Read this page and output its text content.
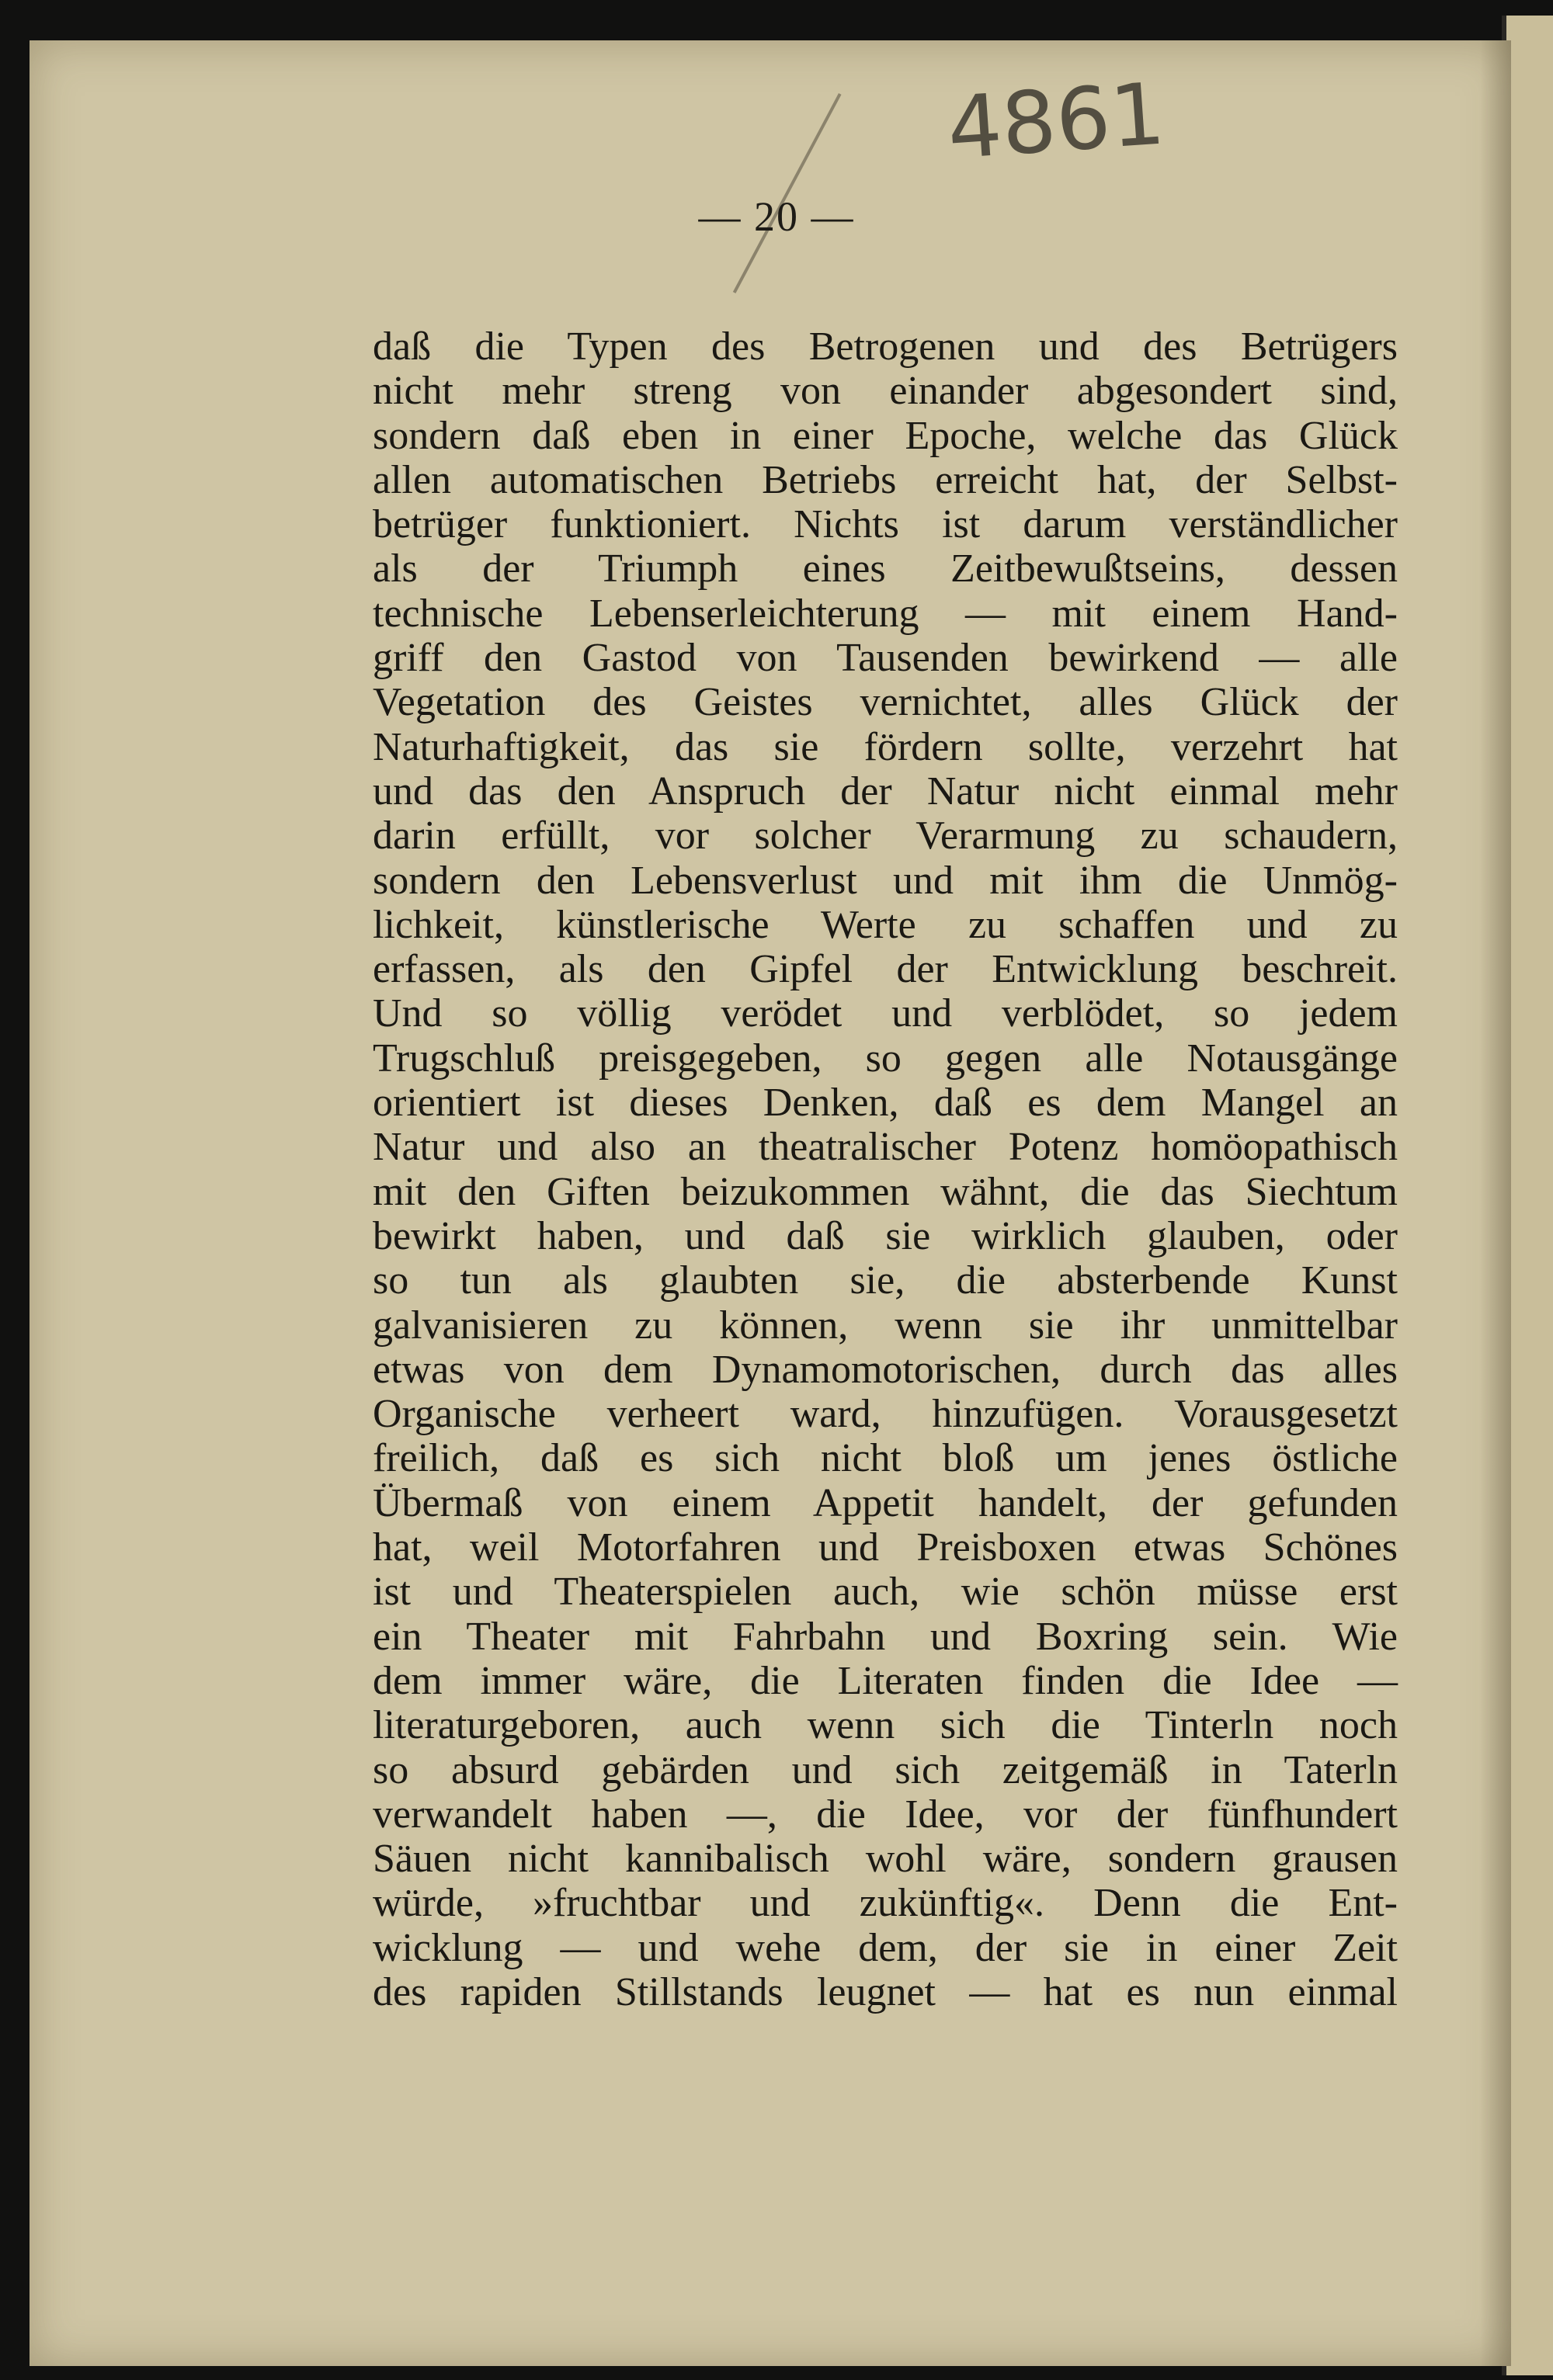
4861
— 20 —
daß die Typen des Betrogenen und des Betrügers
nicht mehr streng von einander abgesondert sind,
sondern daß eben in einer Epoche, welche das Glück
allen automatischen Betriebs erreicht hat, der Selbst-
betrüger funktioniert. Nichts ist darum verständlicher
als der Triumph eines Zeitbewußtseins, dessen
technische Lebenserleichterung — mit einem Hand-
griff den Gastod von Tausenden bewirkend — alle
Vegetation des Geistes vernichtet, alles Glück der
Naturhaftigkeit, das sie fördern sollte, verzehrt hat
und das den Anspruch der Natur nicht einmal mehr
darin erfüllt, vor solcher Verarmung zu schaudern,
sondern den Lebensverlust und mit ihm die Unmög-
lichkeit, künstlerische Werte zu schaffen und zu
erfassen, als den Gipfel der Entwicklung beschreit.
Und so völlig verödet und verblödet, so jedem
Trugschluß preisgegeben, so gegen alle Notausgänge
orientiert ist dieses Denken, daß es dem Mangel an
Natur und also an theatralischer Potenz homöopathisch
mit den Giften beizukommen wähnt, die das Siechtum
bewirkt haben, und daß sie wirklich glauben, oder
so tun als glaubten sie, die absterbende Kunst
galvanisieren zu können, wenn sie ihr unmittelbar
etwas von dem Dynamomotorischen, durch das alles
Organische verheert ward, hinzufügen. Vorausgesetzt
freilich, daß es sich nicht bloß um jenes östliche
Übermaß von einem Appetit handelt, der gefunden
hat, weil Motorfahren und Preisboxen etwas Schönes
ist und Theaterspielen auch, wie schön müsse erst
ein Theater mit Fahrbahn und Boxring sein. Wie
dem immer wäre, die Literaten finden die Idee —
literaturgeboren, auch wenn sich die Tinterln noch
so absurd gebärden und sich zeitgemäß in Taterln
verwandelt haben —, die Idee, vor der fünfhundert
Säuen nicht kannibalisch wohl wäre, sondern grausen
würde, »fruchtbar und zukünftig«. Denn die Ent-
wicklung — und wehe dem, der sie in einer Zeit
des rapiden Stillstands leugnet — hat es nun einmal
